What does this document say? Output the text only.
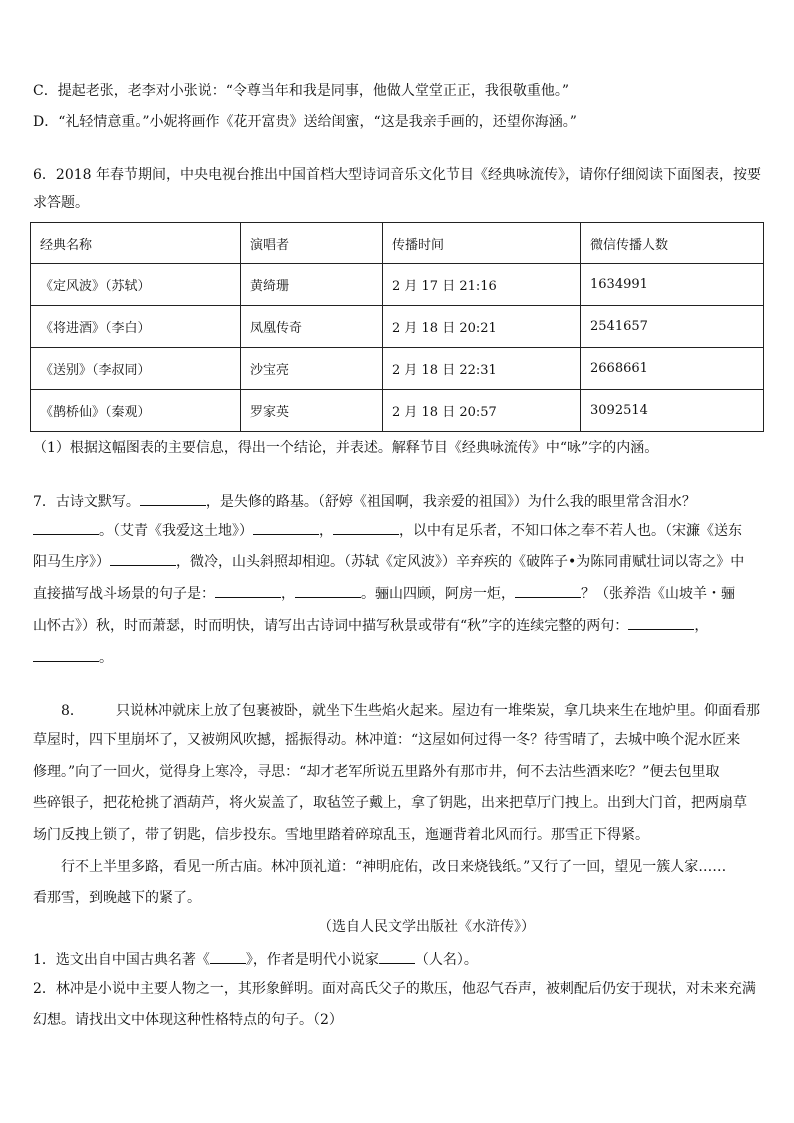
C．提起老张，老李对小张说：“令尊当年和我是同事，他做人堂堂正正，我很敬重他。”
D．“礼轻情意重。”小妮将画作《花开富贵》送给闺蜜，“这是我亲手画的，还望你海涵。”
6．2018 年春节期间，中央电视台推出中国首档大型诗词音乐文化节目《经典咏流传》，请你仔细阅读下面图表，按要
求答题。
经典名称	演唱者	传播时间	微信传播人数
《定风波》（苏轼）	黄绮珊	2 月 17 日 21:16	1634991
《将进酒》（李白）	凤凰传奇	2 月 18 日 20:21	2541657
《送别》（李叔同）	沙宝亮	2 月 18 日 22:31	2668661
《鹊桥仙》（秦观）	罗家英	2 月 18 日 20:57	3092514
（1）根据这幅图表的主要信息，得出一个结论，并表述。解释节目《经典咏流传》中“咏”字的内涵。
7．古诗文默写。	，是失修的路基。（舒婷《祖国啊，我亲爱的祖国》）为什么我的眼里常含泪水？
。（艾青《我爱这土地》）	，	，以中有足乐者，不知口体之奉不若人也。（宋濂《送东
阳马生序》）	，微冷，山头斜照却相迎。（苏轼《定风波》）辛弃疾的《破阵子•为陈同甫赋壮词以寄之》中
直接描写战斗场景的句子是：	，	。骊山四顾，阿房一炬，	？（张养浩《山坡羊・骊
山怀古》）秋，时而萧瑟，时而明快，请写出古诗词中描写秋景或带有“秋”字的连续完整的两句：	，
。
8． 只说林冲就床上放了包裹被卧，就坐下生些焰火起来。屋边有一堆柴炭，拿几块来生在地炉里。仰面看那
草屋时，四下里崩坏了，又被朔风吹撼，摇振得动。林冲道：“这屋如何过得一冬？待雪晴了，去城中唤个泥水匠来
修理。”向了一回火，觉得身上寒冷，寻思：“却才老军所说五里路外有那市井，何不去沽些酒来吃？”便去包里取
些碎银子，把花枪挑了酒葫芦，将火炭盖了，取毡笠子戴上，拿了钥匙，出来把草厅门拽上。出到大门首，把两扇草
场门反拽上锁了，带了钥匙，信步投东。雪地里踏着碎琼乱玉，迤逦背着北风而行。那雪正下得紧。
行不上半里多路，看见一所古庙。林冲顶礼道：“神明庇佑，改日来烧钱纸。”又行了一回，望见一簇人家……
看那雪，到晚越下的紧了。
（选自人民文学出版社《水浒传》）
1．选文出自中国古典名著《	》，作者是明代小说家	（人名）。
2．林冲是小说中主要人物之一，其形象鲜明。面对高氏父子的欺压，他忍气吞声，被刺配后仍安于现状，对未来充满
幻想。请找出文中体现这种性格特点的句子。（2）
